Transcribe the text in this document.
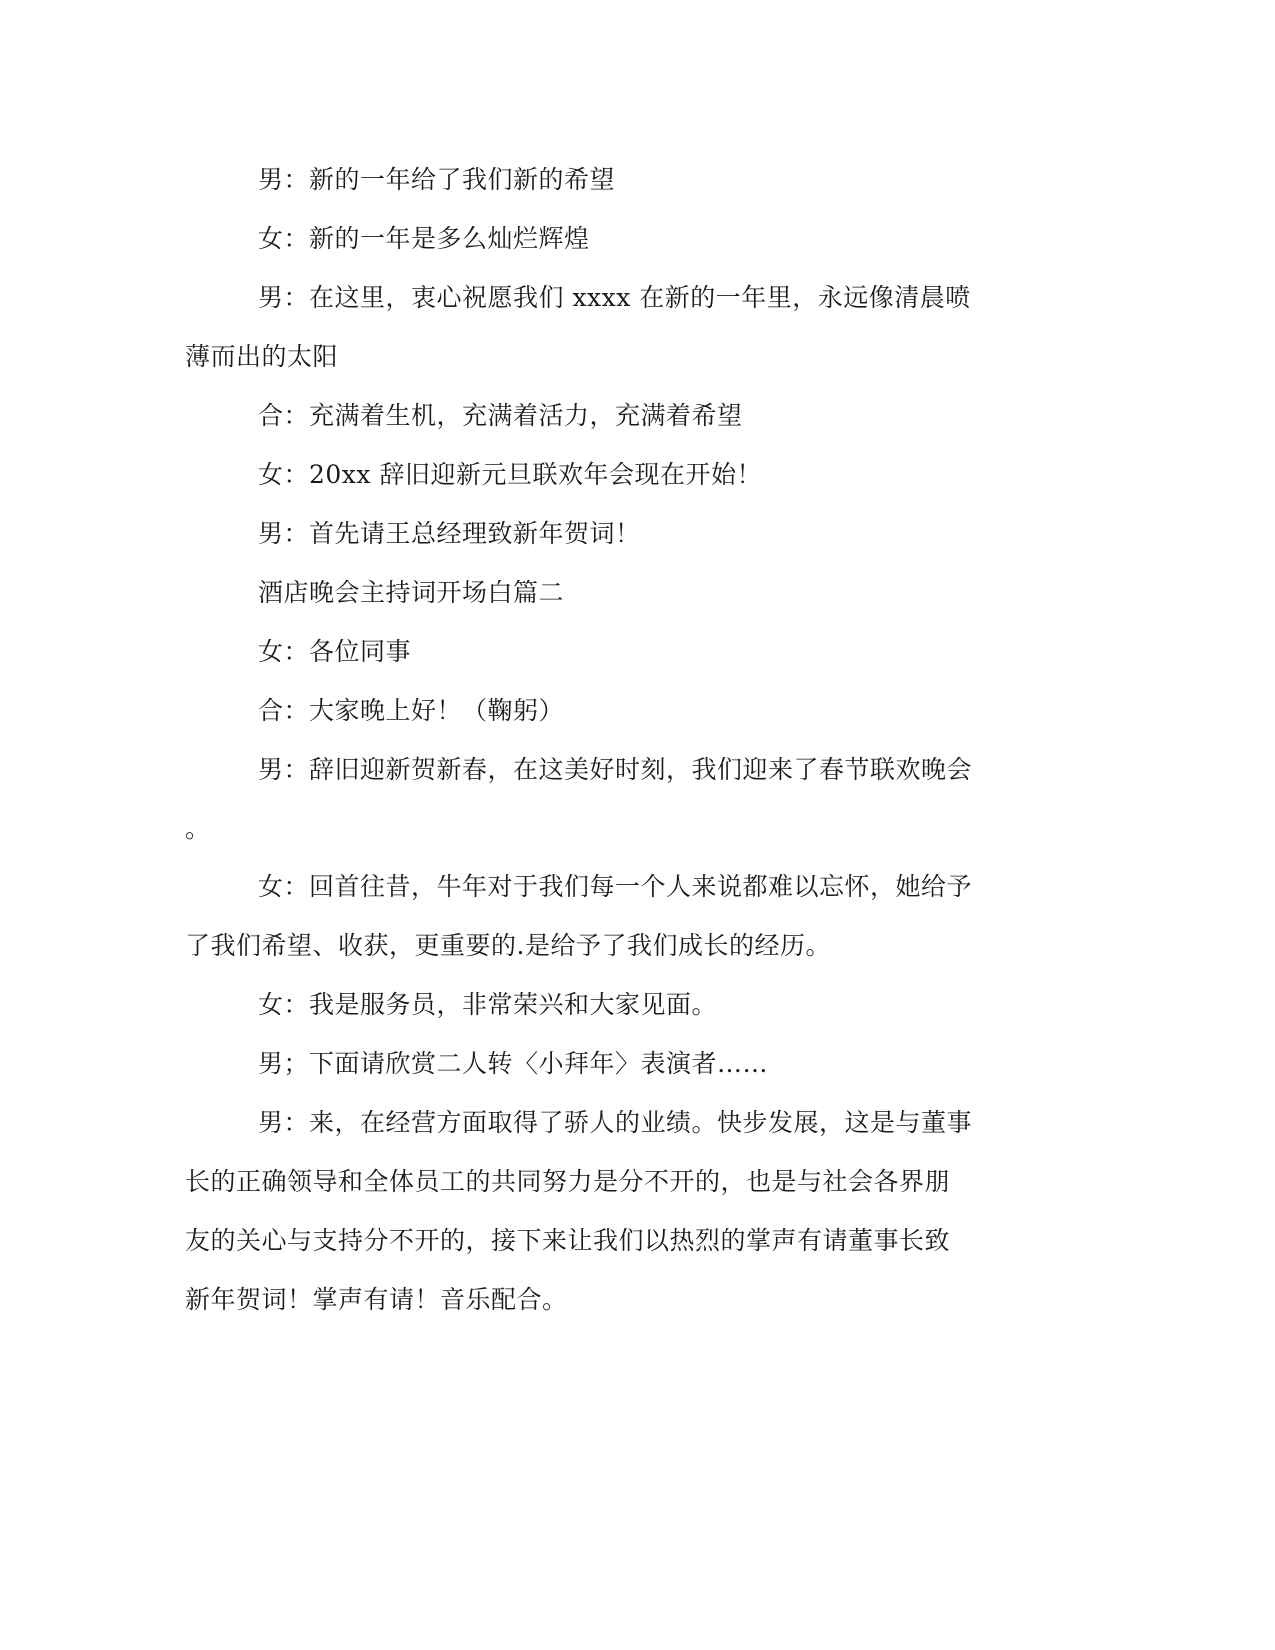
男：新的一年给了我们新的希望
女：新的一年是多么灿烂辉煌
男：在这里，衷心祝愿我们 xxxx 在新的一年里，永远像清晨喷
薄而出的太阳
合：充满着生机，充满着活力，充满着希望
女：20xx 辞旧迎新元旦联欢年会现在开始！
男：首先请王总经理致新年贺词！
酒店晚会主持词开场白篇二
女：各位同事
合：大家晚上好！（鞠躬）
男：辞旧迎新贺新春，在这美好时刻，我们迎来了春节联欢晚会
。
女：回首往昔，牛年对于我们每一个人来说都难以忘怀，她给予
了我们希望、收获，更重要的.是给予了我们成长的经历。
女：我是服务员，非常荣兴和大家见面。
男；下面请欣赏二人转〈小拜年〉表演者……
男：来，在经营方面取得了骄人的业绩。快步发展，这是与董事
长的正确领导和全体员工的共同努力是分不开的，也是与社会各界朋
友的关心与支持分不开的，接下来让我们以热烈的掌声有请董事长致
新年贺词！掌声有请！音乐配合。
